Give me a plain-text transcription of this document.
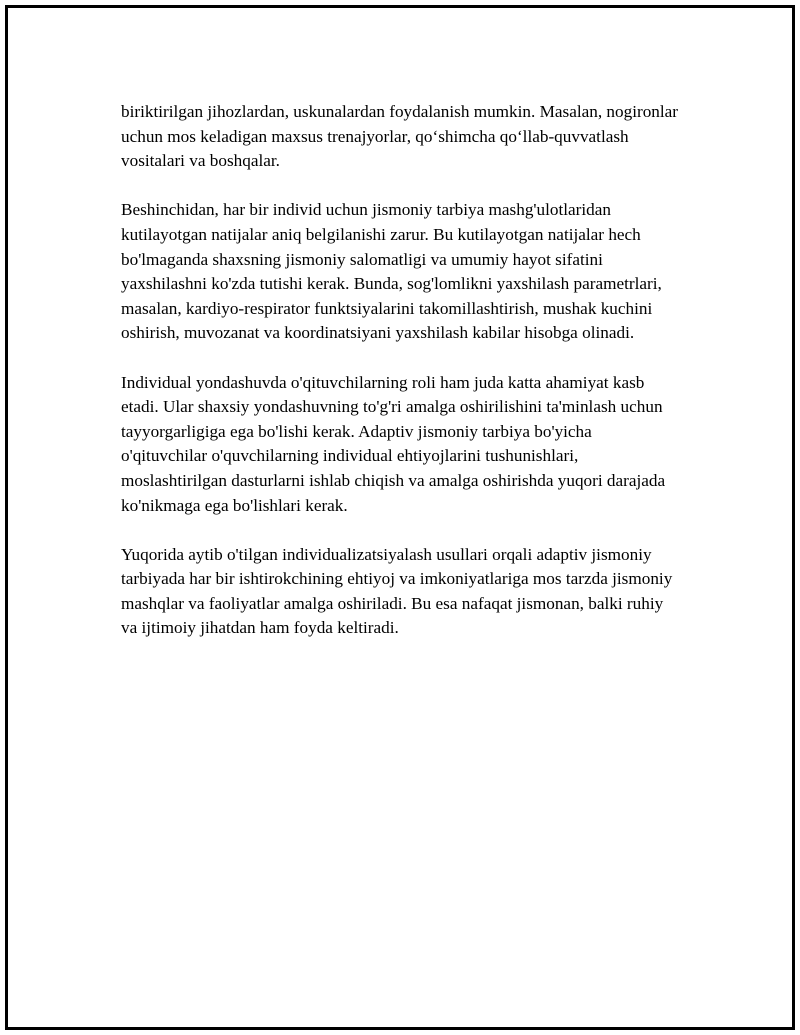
biriktirilgan jihozlardan, uskunalardan foydalanish mumkin. Masalan, nogironlar uchun mos keladigan maxsus trenajyorlar, qo‘shimcha qo‘llab-quvvatlash vositalari va boshqalar.

Beshinchidan, har bir individ uchun jismoniy tarbiya mashg'ulotlaridan kutilayotgan natijalar aniq belgilanishi zarur. Bu kutilayotgan natijalar hech bo'lmaganda shaxsning jismoniy salomatligi va umumiy hayot sifatini yaxshilashni ko'zda tutishi kerak. Bunda, sog'lomlikni yaxshilash parametrlari, masalan, kardiyo-respirator funktsiyalarini takomillashtirish, mushak kuchini oshirish, muvozanat va koordinatsiyani yaxshilash kabilar hisobga olinadi.

Individual yondashuvda o'qituvchilarning roli ham juda katta ahamiyat kasb etadi. Ular shaxsiy yondashuvning to'g'ri amalga oshirilishini ta'minlash uchun tayyorgarligiga ega bo'lishi kerak. Adaptiv jismoniy tarbiya bo'yicha o'qituvchilar o'quvchilarning individual ehtiyojlarini tushunishlari, moslashtirilgan dasturlarni ishlab chiqish va amalga oshirishda yuqori darajada ko'nikmaga ega bo'lishlari kerak.

Yuqorida aytib o'tilgan individualizatsiyalash usullari orqali adaptiv jismoniy tarbiyada har bir ishtirokchining ehtiyoj va imkoniyatlariga mos tarzda jismoniy mashqlar va faoliyatlar amalga oshiriladi. Bu esa nafaqat jismonan, balki ruhiy va ijtimoiy jihatdan ham foyda keltiradi.
